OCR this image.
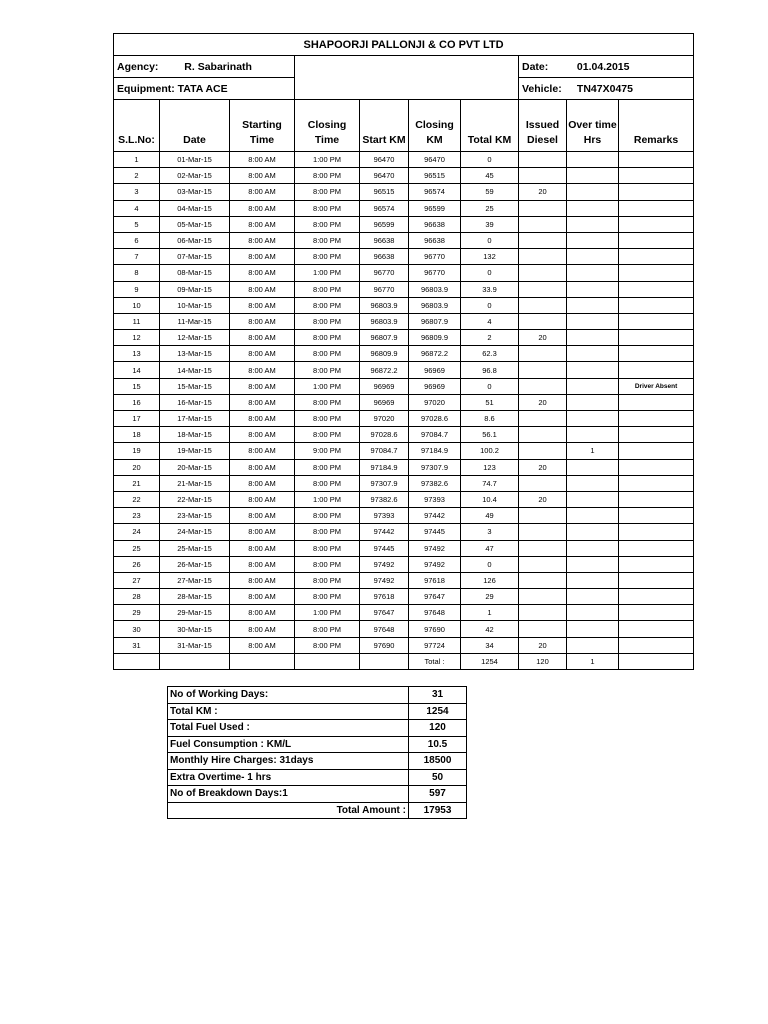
SHAPOORJI PALLONJI & CO PVT LTD									
Agency: R. Sabarinath							Date: 01.04.2015		
Equipment: TATA ACE							Vehicle: TN47X0475		
S.L.No:	Date	Starting Time	Closing Time	Start KM	Closing KM	Total KM	Issued Diesel	Over time Hrs	Remarks
1	01-Mar-15	8:00 AM	1:00 PM	96470	96470	0			
2	02-Mar-15	8:00 AM	8:00 PM	96470	96515	45			
3	03-Mar-15	8:00 AM	8:00 PM	96515	96574	59	20		
4	04-Mar-15	8:00 AM	8:00 PM	96574	96599	25			
5	05-Mar-15	8:00 AM	8:00 PM	96599	96638	39			
6	06-Mar-15	8:00 AM	8:00 PM	96638	96638	0			
7	07-Mar-15	8:00 AM	8:00 PM	96638	96770	132			
8	08-Mar-15	8:00 AM	1:00 PM	96770	96770	0			
9	09-Mar-15	8:00 AM	8:00 PM	96770	96803.9	33.9			
10	10-Mar-15	8:00 AM	8:00 PM	96803.9	96803.9	0			
11	11-Mar-15	8:00 AM	8:00 PM	96803.9	96807.9	4			
12	12-Mar-15	8:00 AM	8:00 PM	96807.9	96809.9	2	20		
13	13-Mar-15	8:00 AM	8:00 PM	96809.9	96872.2	62.3			
14	14-Mar-15	8:00 AM	8:00 PM	96872.2	96969	96.8			
15	15-Mar-15	8:00 AM	1:00 PM	96969	96969	0			Driver Absent
16	16-Mar-15	8:00 AM	8:00 PM	96969	97020	51	20		
17	17-Mar-15	8:00 AM	8:00 PM	97020	97028.6	8.6			
18	18-Mar-15	8:00 AM	8:00 PM	97028.6	97084.7	56.1			
19	19-Mar-15	8:00 AM	9:00 PM	97084.7	97184.9	100.2		1	
20	20-Mar-15	8:00 AM	8:00 PM	97184.9	97307.9	123	20		
21	21-Mar-15	8:00 AM	8:00 PM	97307.9	97382.6	74.7			
22	22-Mar-15	8:00 AM	1:00 PM	97382.6	97393	10.4	20		
23	23-Mar-15	8:00 AM	8:00 PM	97393	97442	49			
24	24-Mar-15	8:00 AM	8:00 PM	97442	97445	3			
25	25-Mar-15	8:00 AM	8:00 PM	97445	97492	47			
26	26-Mar-15	8:00 AM	8:00 PM	97492	97492	0			
27	27-Mar-15	8:00 AM	8:00 PM	97492	97618	126			
28	28-Mar-15	8:00 AM	8:00 PM	97618	97647	29			
29	29-Mar-15	8:00 AM	1:00 PM	97647	97648	1			
30	30-Mar-15	8:00 AM	8:00 PM	97648	97690	42			
31	31-Mar-15	8:00 AM	8:00 PM	97690	97724	34	20		
					Total :	1254	120	1	
No of Working Days:	31
Total KM :	1254
Total Fuel Used :	120
Fuel Consumption : KM/L	10.5
Monthly Hire Charges: 31days	18500
Extra Overtime- 1 hrs	50
No of Breakdown Days:1	597
Total Amount :	17953
